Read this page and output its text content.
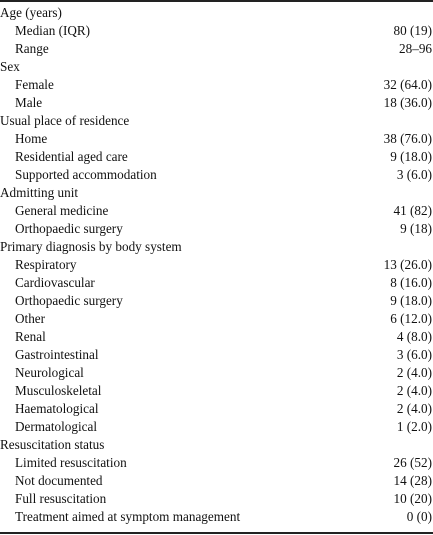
Age (years)
Median (IQR)	80 (19)
Range	28–96
Sex
Female	32 (64.0)
Male	18 (36.0)
Usual place of residence
Home	38 (76.0)
Residential aged care	9 (18.0)
Supported accommodation	3 (6.0)
Admitting unit
General medicine	41 (82)
Orthopaedic surgery	9 (18)
Primary diagnosis by body system
Respiratory	13 (26.0)
Cardiovascular	8 (16.0)
Orthopaedic surgery	9 (18.0)
Other	6 (12.0)
Renal	4 (8.0)
Gastrointestinal	3 (6.0)
Neurological	2 (4.0)
Musculoskeletal	2 (4.0)
Haematological	2 (4.0)
Dermatological	1 (2.0)
Resuscitation status
Limited resuscitation	26 (52)
Not documented	14 (28)
Full resuscitation	10 (20)
Treatment aimed at symptom management	0 (0)
